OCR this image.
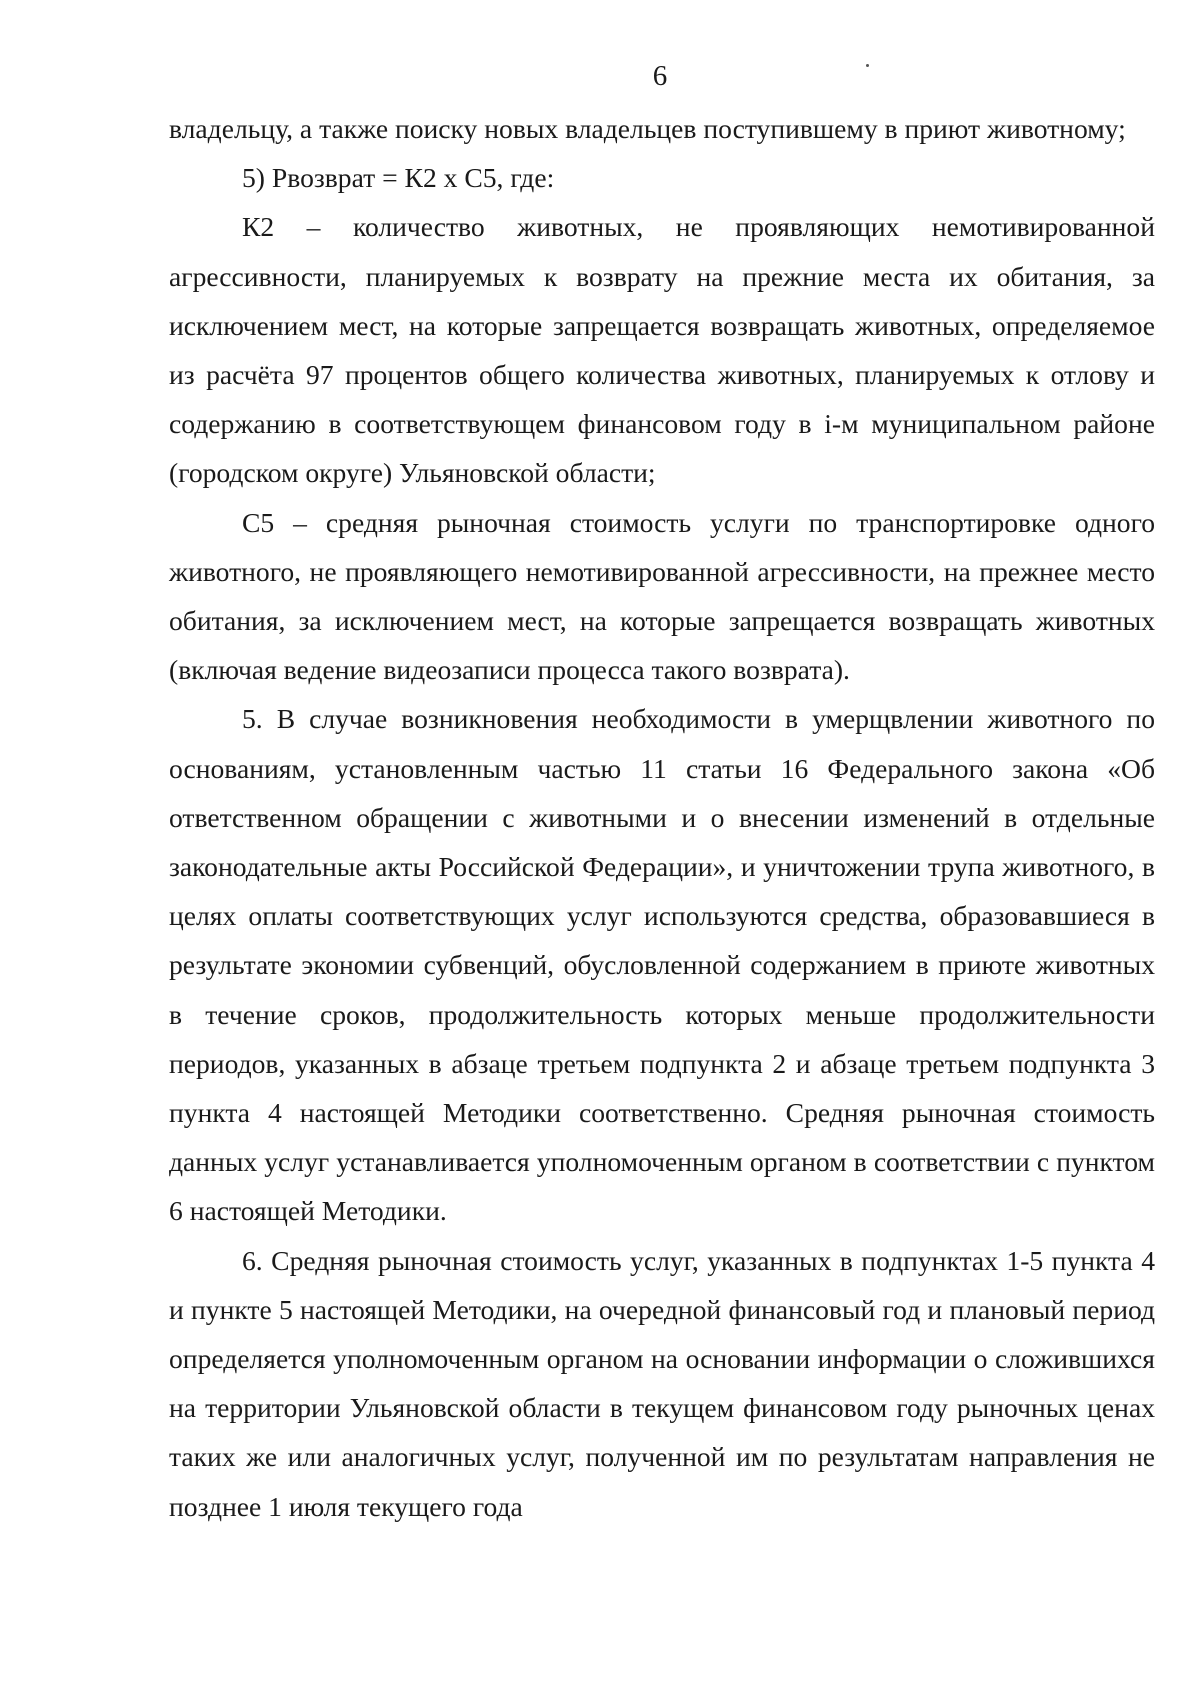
6

владельцу, а также поиску новых владельцев поступившему в приют животному;

5) Рвозврат = К2 х С5, где:

К2 – количество животных, не проявляющих немотивированной агрессивности, планируемых к возврату на прежние места их обитания, за исключением мест, на которые запрещается возвращать животных, определяемое из расчёта 97 процентов общего количества животных, планируемых к отлову и содержанию в соответствующем финансовом году в i-м муниципальном районе (городском округе) Ульяновской области;

С5 – средняя рыночная стоимость услуги по транспортировке одного животного, не проявляющего немотивированной агрессивности, на прежнее место обитания, за исключением мест, на которые запрещается возвращать животных (включая ведение видеозаписи процесса такого возврата).

5. В случае возникновения необходимости в умерщвлении животного по основаниям, установленным частью 11 статьи 16 Федерального закона «Об ответственном обращении с животными и о внесении изменений в отдельные законодательные акты Российской Федерации», и уничтожении трупа животного, в целях оплаты соответствующих услуг используются средства, образовавшиеся в результате экономии субвенций, обусловленной содержанием в приюте животных в течение сроков, продолжительность которых меньше продолжительности периодов, указанных в абзаце третьем подпункта 2 и абзаце третьем подпункта 3 пункта 4 настоящей Методики соответственно. Средняя рыночная стоимость данных услуг устанавливается уполномоченным органом в соответствии с пунктом 6 настоящей Методики.

6. Средняя рыночная стоимость услуг, указанных в подпунктах 1-5 пункта 4 и пункте 5 настоящей Методики, на очередной финансовый год и плановый период определяется уполномоченным органом на основании информации о сложившихся на территории Ульяновской области в текущем финансовом году рыночных ценах таких же или аналогичных услуг, полученной им по результатам направления не позднее 1 июля текущего года
